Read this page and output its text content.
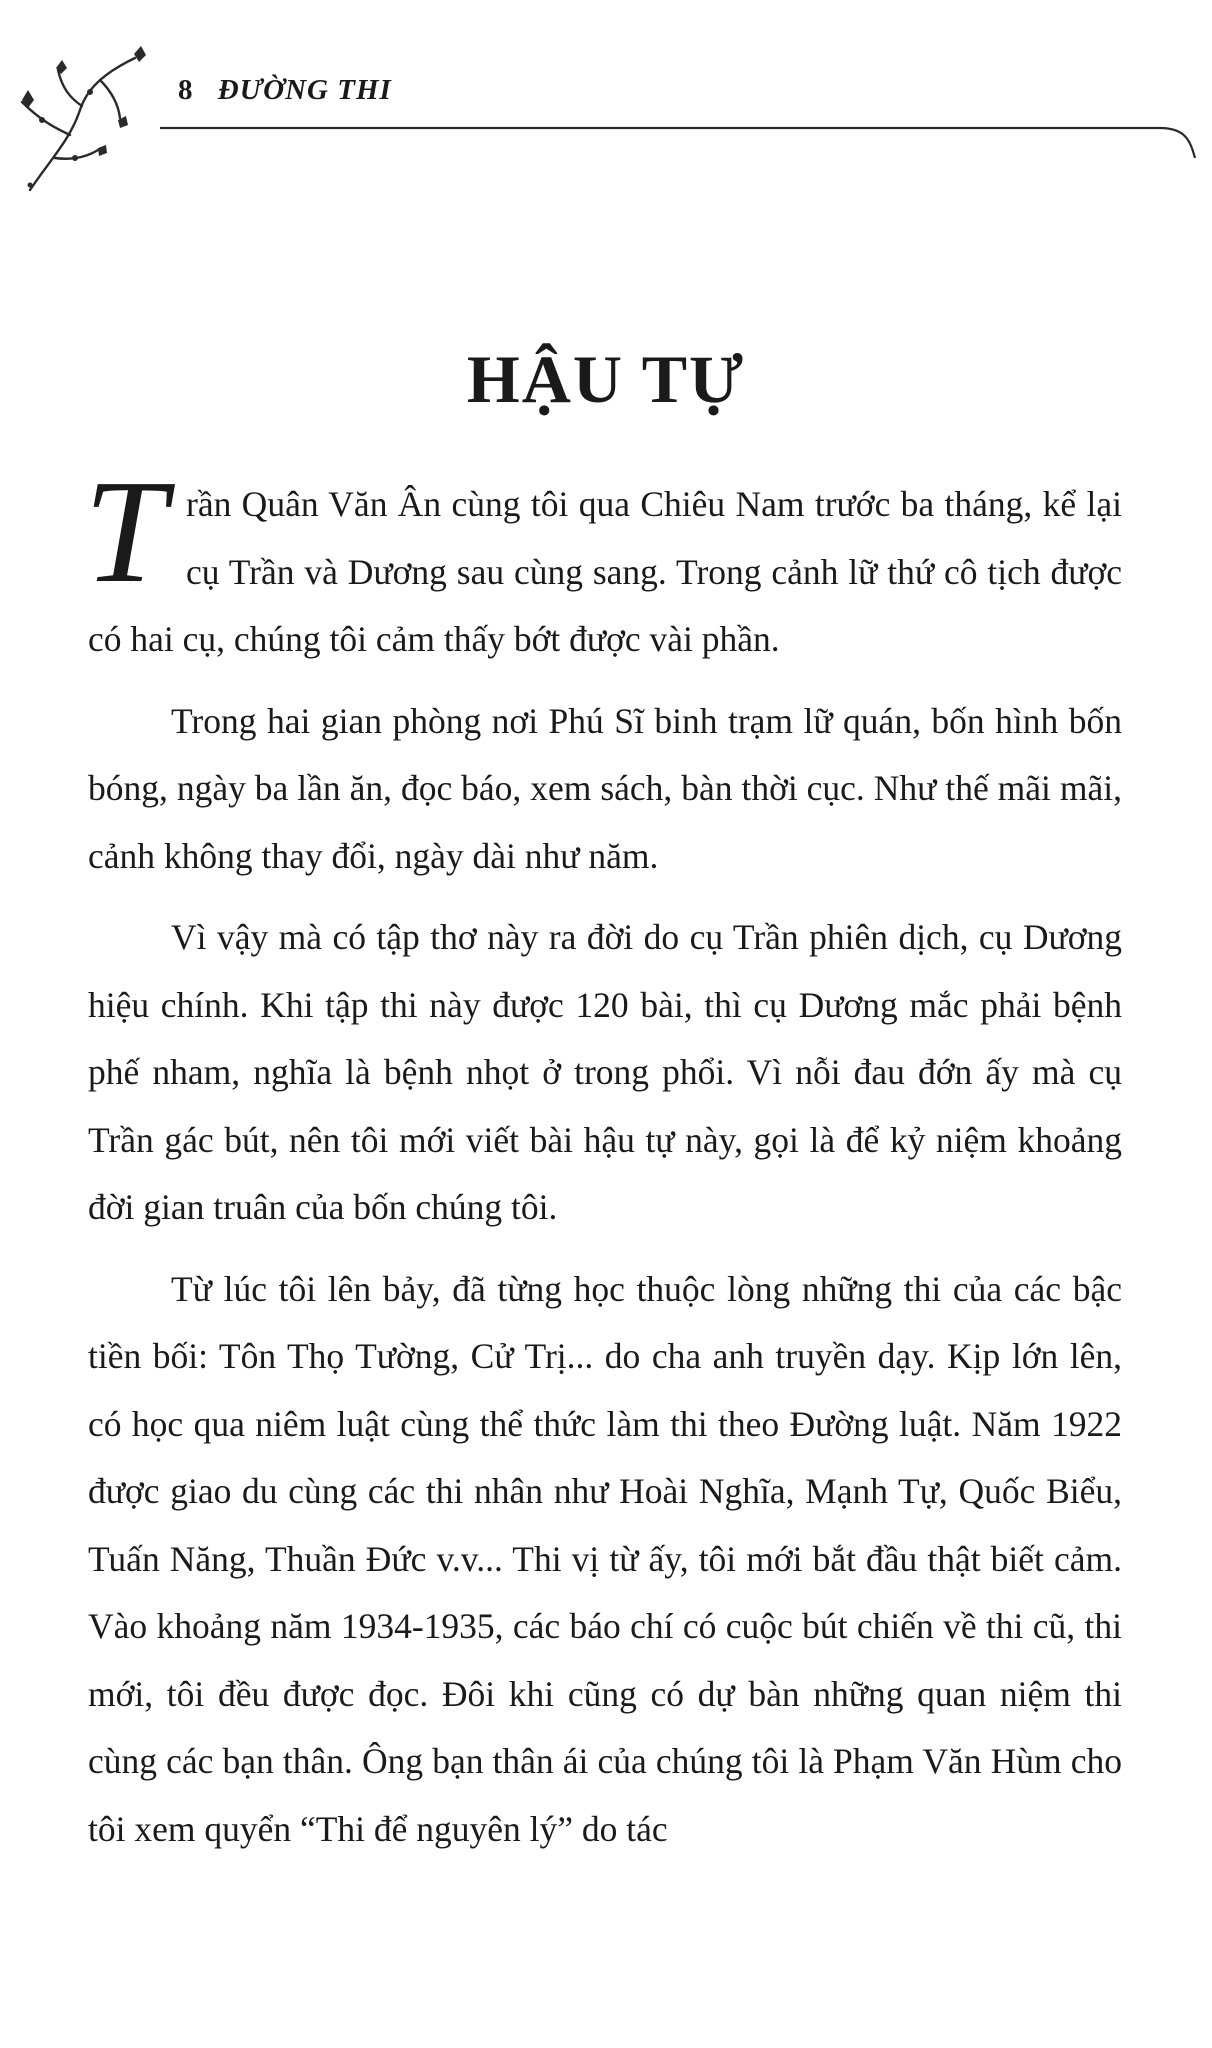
8 ĐƯỜNG THI
HẬU TỰ

Trần Quân Văn Ân cùng tôi qua Chiêu Nam trước ba tháng, kể lại cụ Trần và Dương sau cùng sang. Trong cảnh lữ thứ cô tịch được có hai cụ, chúng tôi cảm thấy bớt được vài phần.

Trong hai gian phòng nơi Phú Sĩ binh trạm lữ quán, bốn hình bốn bóng, ngày ba lần ăn, đọc báo, xem sách, bàn thời cục. Như thế mãi mãi, cảnh không thay đổi, ngày dài như năm.

Vì vậy mà có tập thơ này ra đời do cụ Trần phiên dịch, cụ Dương hiệu chính. Khi tập thi này được 120 bài, thì cụ Dương mắc phải bệnh phế nham, nghĩa là bệnh nhọt ở trong phổi. Vì nỗi đau đớn ấy mà cụ Trần gác bút, nên tôi mới viết bài hậu tự này, gọi là để kỷ niệm khoảng đời gian truân của bốn chúng tôi.

Từ lúc tôi lên bảy, đã từng học thuộc lòng những thi của các bậc tiền bối: Tôn Thọ Tường, Cử Trị... do cha anh truyền dạy. Kịp lớn lên, có học qua niêm luật cùng thể thức làm thi theo Đường luật. Năm 1922 được giao du cùng các thi nhân như Hoài Nghĩa, Mạnh Tự, Quốc Biểu, Tuấn Năng, Thuần Đức v.v... Thi vị từ ấy, tôi mới bắt đầu thật biết cảm. Vào khoảng năm 1934-1935, các báo chí có cuộc bút chiến về thi cũ, thi mới, tôi đều được đọc. Đôi khi cũng có dự bàn những quan niệm thi cùng các bạn thân. Ông bạn thân ái của chúng tôi là Phạm Văn Hùm cho tôi xem quyển “Thi để nguyên lý” do tác
